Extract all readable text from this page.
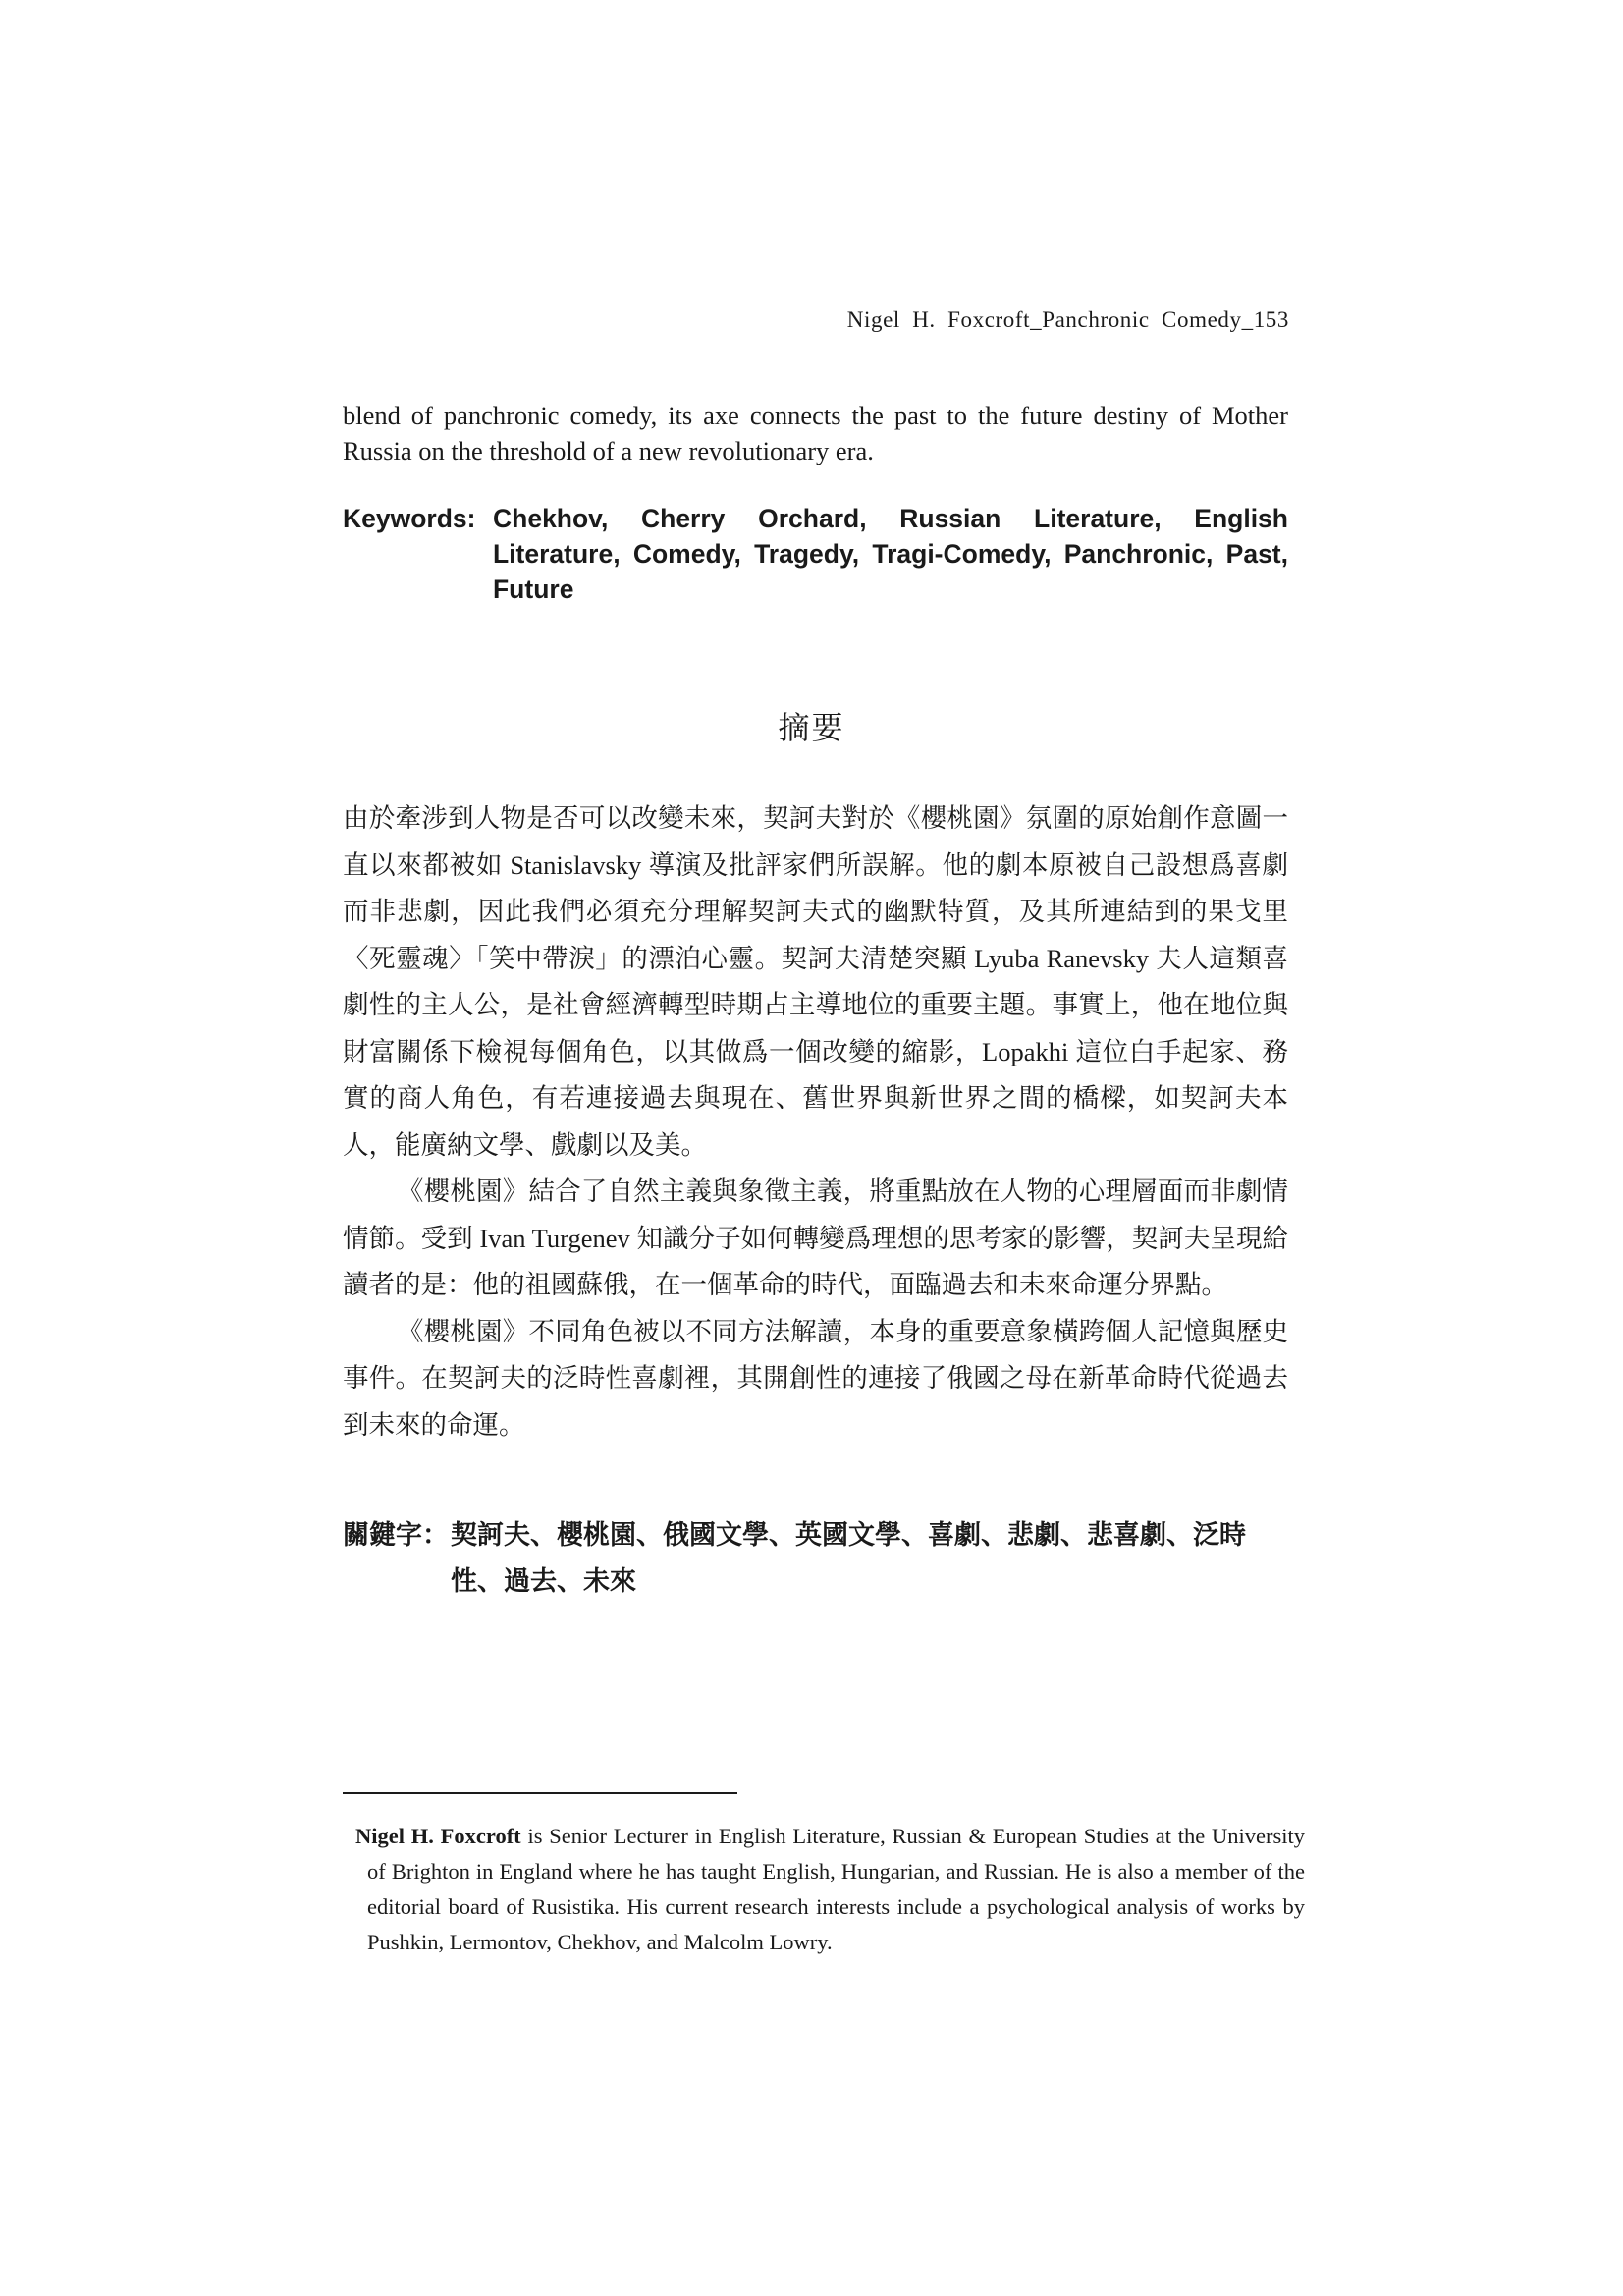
Nigel H. Foxcroft_Panchronic Comedy_153

blend of panchronic comedy, its axe connects the past to the future destiny of Mother Russia on the threshold of a new revolutionary era.

Keywords: Chekhov, Cherry Orchard, Russian Literature, English Literature, Comedy, Tragedy, Tragi-Comedy, Panchronic, Past, Future
摘要

由於牽涉到人物是否可以改變未來，契訶夫對於《櫻桃園》氛圍的原始創作意圖一直以來都被如 Stanislavsky 導演及批評家們所誤解。他的劇本原被自己設想爲喜劇而非悲劇，因此我們必須充分理解契訶夫式的幽默特質，及其所連結到的果戈里〈死靈魂〉「笑中帶淚」的漂泊心靈。契訶夫清楚突顯 Lyuba Ranevsky 夫人這類喜劇性的主人公，是社會經濟轉型時期占主導地位的重要主題。事實上，他在地位與財富關係下檢視每個角色，以其做爲一個改變的縮影，Lopakhi 這位白手起家、務實的商人角色，有若連接過去與現在、舊世界與新世界之間的橋樑，如契訶夫本人，能廣納文學、戲劇以及美。

《櫻桃園》結合了自然主義與象徵主義，將重點放在人物的心理層面而非劇情情節。受到 Ivan Turgenev 知識分子如何轉變爲理想的思考家的影響，契訶夫呈現給讀者的是：他的祖國蘇俄，在一個革命的時代，面臨過去和未來命運分界點。

《櫻桃園》不同角色被以不同方法解讀，本身的重要意象橫跨個人記憶與歷史事件。在契訶夫的泛時性喜劇裡，其開創性的連接了俄國之母在新革命時代從過去到未來的命運。

關鍵字： 契訶夫、櫻桃園、俄國文學、英國文學、喜劇、悲劇、悲喜劇、泛時性、過去、未來

Nigel H. Foxcroft is Senior Lecturer in English Literature, Russian & European Studies at the University of Brighton in England where he has taught English, Hungarian, and Russian. He is also a member of the editorial board of Rusistika. His current research interests include a psychological analysis of works by Pushkin, Lermontov, Chekhov, and Malcolm Lowry.
